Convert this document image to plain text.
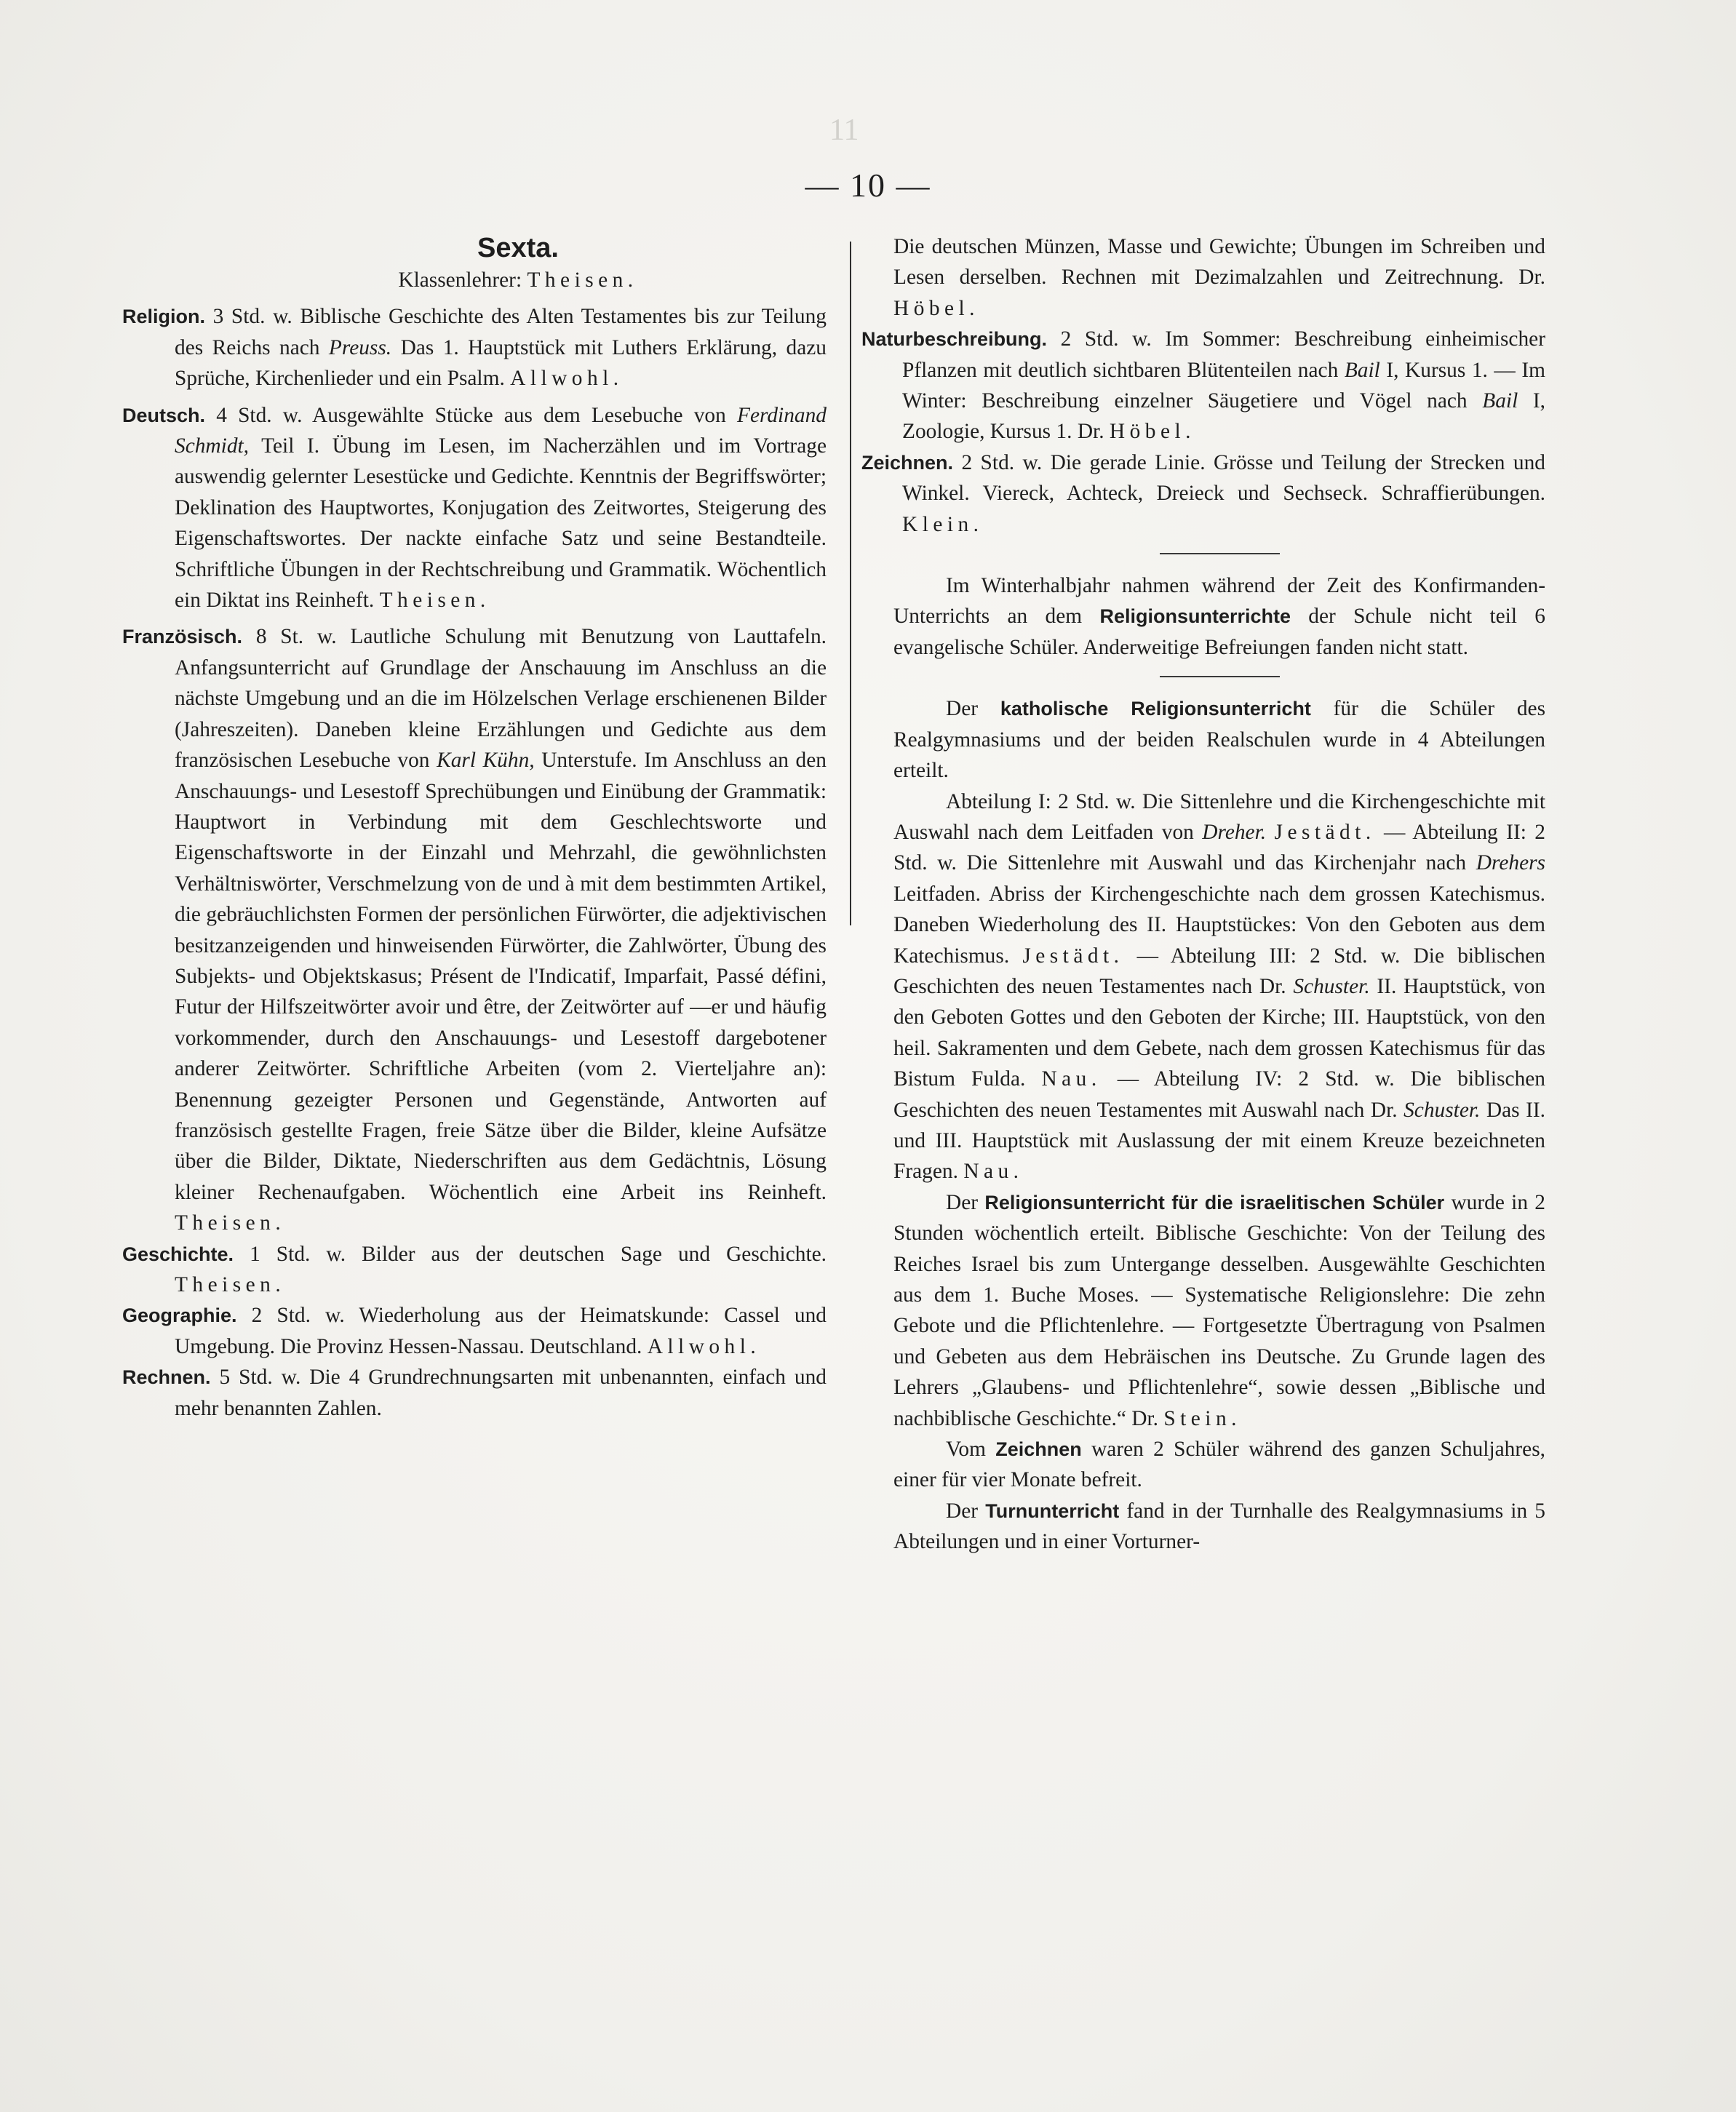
11
— 10 —

Sexta.

Klassenlehrer: Theisen.

Religion. 3 Std. w. Biblische Geschichte des Alten Testamentes bis zur Teilung des Reichs nach Preuss. Das 1. Hauptstück mit Luthers Erklärung, dazu Sprüche, Kirchenlieder und ein Psalm. Allwohl.

Deutsch. 4 Std. w. Ausgewählte Stücke aus dem Lesebuche von Ferdinand Schmidt, Teil I. Übung im Lesen, im Nacherzählen und im Vortrage auswendig gelernter Lesestücke und Gedichte. Kenntnis der Begriffswörter; Deklination des Hauptwortes, Konjugation des Zeitwortes, Steigerung des Eigenschaftswortes. Der nackte einfache Satz und seine Bestandteile. Schriftliche Übungen in der Rechtschreibung und Grammatik. Wöchentlich ein Diktat ins Reinheft. Theisen.

Französisch. 8 St. w. Lautliche Schulung mit Benutzung von Lauttafeln. Anfangsunterricht auf Grundlage der Anschauung im Anschluss an die nächste Umgebung und an die im Hölzelschen Verlage erschienenen Bilder (Jahreszeiten). Daneben kleine Erzählungen und Gedichte aus dem französischen Lesebuche von Karl Kühn, Unterstufe. Im Anschluss an den Anschauungs- und Lesestoff Sprechübungen und Einübung der Grammatik: Hauptwort in Verbindung mit dem Geschlechtsworte und Eigenschaftsworte in der Einzahl und Mehrzahl, die gewöhnlichsten Verhältniswörter, Verschmelzung von de und à mit dem bestimmten Artikel, die gebräuchlichsten Formen der persönlichen Fürwörter, die adjektivischen besitzanzeigenden und hinweisenden Fürwörter, die Zahlwörter, Übung des Subjekts- und Objektskasus; Présent de l'Indicatif, Imparfait, Passé défini, Futur der Hilfszeitwörter avoir und être, der Zeitwörter auf —er und häufig vorkommender, durch den Anschauungs- und Lesestoff dargebotener anderer Zeitwörter. Schriftliche Arbeiten (vom 2. Vierteljahre an): Benennung gezeigter Personen und Gegenstände, Antworten auf französisch gestellte Fragen, freie Sätze über die Bilder, kleine Aufsätze über die Bilder, Diktate, Niederschriften aus dem Gedächtnis, Lösung kleiner Rechenaufgaben. Wöchentlich eine Arbeit ins Reinheft. Theisen.

Geschichte. 1 Std. w. Bilder aus der deutschen Sage und Geschichte. Theisen.

Geographie. 2 Std. w. Wiederholung aus der Heimatskunde: Cassel und Umgebung. Die Provinz Hessen-Nassau. Deutschland. Allwohl.

Rechnen. 5 Std. w. Die 4 Grundrechnungsarten mit unbenannten, einfach und mehr benannten Zahlen.

Die deutschen Münzen, Masse und Gewichte; Übungen im Schreiben und Lesen derselben. Rechnen mit Dezimalzahlen und Zeitrechnung. Dr. Höbel.

Naturbeschreibung. 2 Std. w. Im Sommer: Beschreibung einheimischer Pflanzen mit deutlich sichtbaren Blütenteilen nach Bail I, Kursus 1. — Im Winter: Beschreibung einzelner Säugetiere und Vögel nach Bail I, Zoologie, Kursus 1. Dr. Höbel.

Zeichnen. 2 Std. w. Die gerade Linie. Grösse und Teilung der Strecken und Winkel. Viereck, Achteck, Dreieck und Sechseck. Schraffierübungen. Klein.

Im Winterhalbjahr nahmen während der Zeit des Konfirmanden-Unterrichts an dem Religionsunterrichte der Schule nicht teil 6 evangelische Schüler. Anderweitige Befreiungen fanden nicht statt.

Der katholische Religionsunterricht für die Schüler des Realgymnasiums und der beiden Realschulen wurde in 4 Abteilungen erteilt.

Abteilung I: 2 Std. w. Die Sittenlehre und die Kirchengeschichte mit Auswahl nach dem Leitfaden von Dreher. Jestädt. — Abteilung II: 2 Std. w. Die Sittenlehre mit Auswahl und das Kirchenjahr nach Drehers Leitfaden. Abriss der Kirchengeschichte nach dem grossen Katechismus. Daneben Wiederholung des II. Hauptstückes: Von den Geboten aus dem Katechismus. Jestädt. — Abteilung III: 2 Std. w. Die biblischen Geschichten des neuen Testamentes nach Dr. Schuster. II. Hauptstück, von den Geboten Gottes und den Geboten der Kirche; III. Hauptstück, von den heil. Sakramenten und dem Gebete, nach dem grossen Katechismus für das Bistum Fulda. Nau. — Abteilung IV: 2 Std. w. Die biblischen Geschichten des neuen Testamentes mit Auswahl nach Dr. Schuster. Das II. und III. Hauptstück mit Auslassung der mit einem Kreuze bezeichneten Fragen. Nau.

Der Religionsunterricht für die israelitischen Schüler wurde in 2 Stunden wöchentlich erteilt. Biblische Geschichte: Von der Teilung des Reiches Israel bis zum Untergange desselben. Ausgewählte Geschichten aus dem 1. Buche Moses. — Systematische Religionslehre: Die zehn Gebote und die Pflichtenlehre. — Fortgesetzte Übertragung von Psalmen und Gebeten aus dem Hebräischen ins Deutsche. Zu Grunde lagen des Lehrers „Glaubens- und Pflichtenlehre“, sowie dessen „Biblische und nachbiblische Geschichte.“ Dr. Stein.

Vom Zeichnen waren 2 Schüler während des ganzen Schuljahres, einer für vier Monate befreit.

Der Turnunterricht fand in der Turnhalle des Realgymnasiums in 5 Abteilungen und in einer Vorturner-
